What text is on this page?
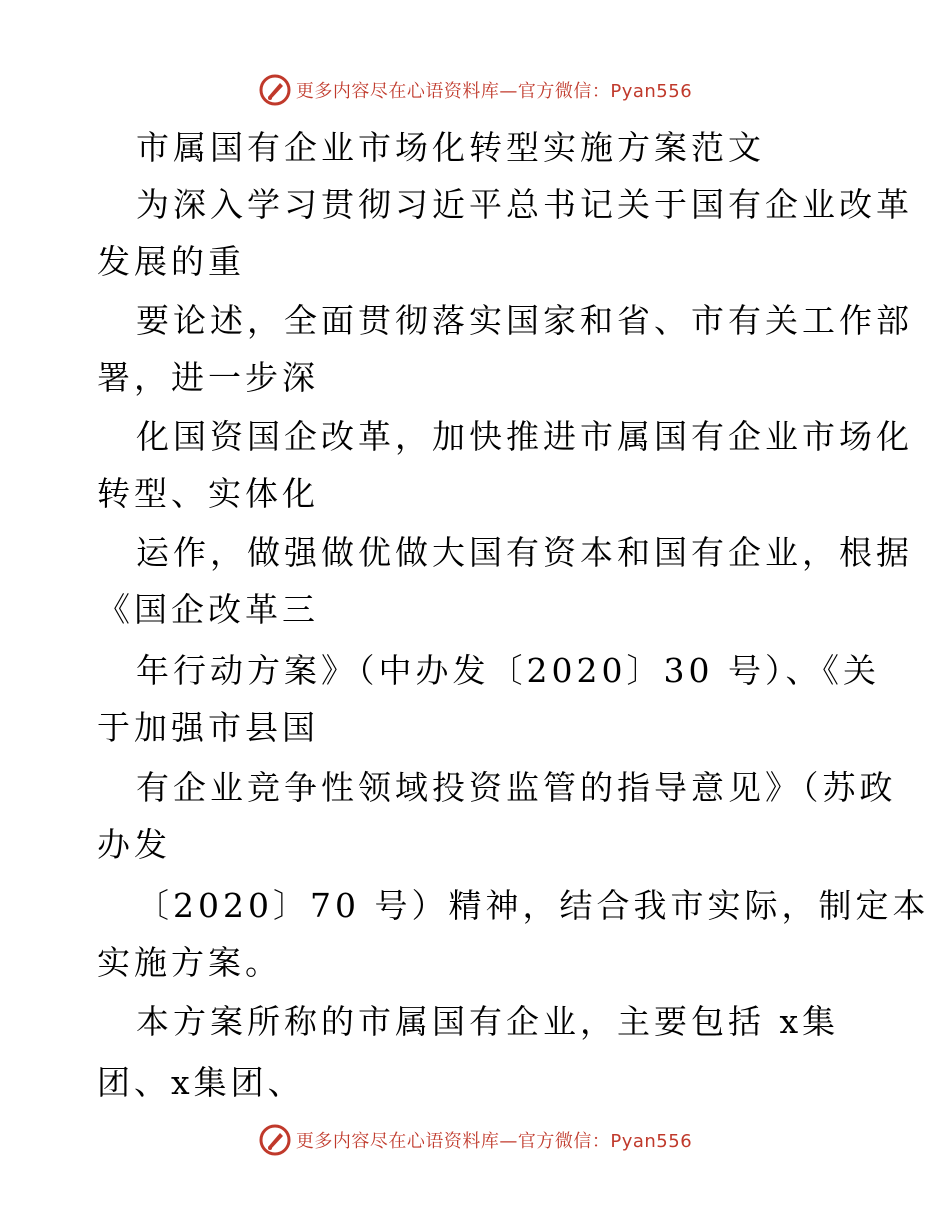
更多内容尽在心语资料库—官方微信：Pyan556
市属国有企业市场化转型实施方案范文
为深入学习贯彻习近平总书记关于国有企业改革
发展的重
要论述，全面贯彻落实国家和省、市有关工作部
署，进一步深
化国资国企改革，加快推进市属国有企业市场化
转型、实体化
运作，做强做优做大国有资本和国有企业，根据
《国企改革三
年行动方案》（中办发〔2020〕30 号）、《关
于加强市县国
有企业竞争性领域投资监管的指导意见》（苏政
办发
〔2020〕70 号）精神，结合我市实际，制定本
实施方案。
本方案所称的市属国有企业，主要包括 x集
团、x集团、
更多内容尽在心语资料库—官方微信：Pyan556
